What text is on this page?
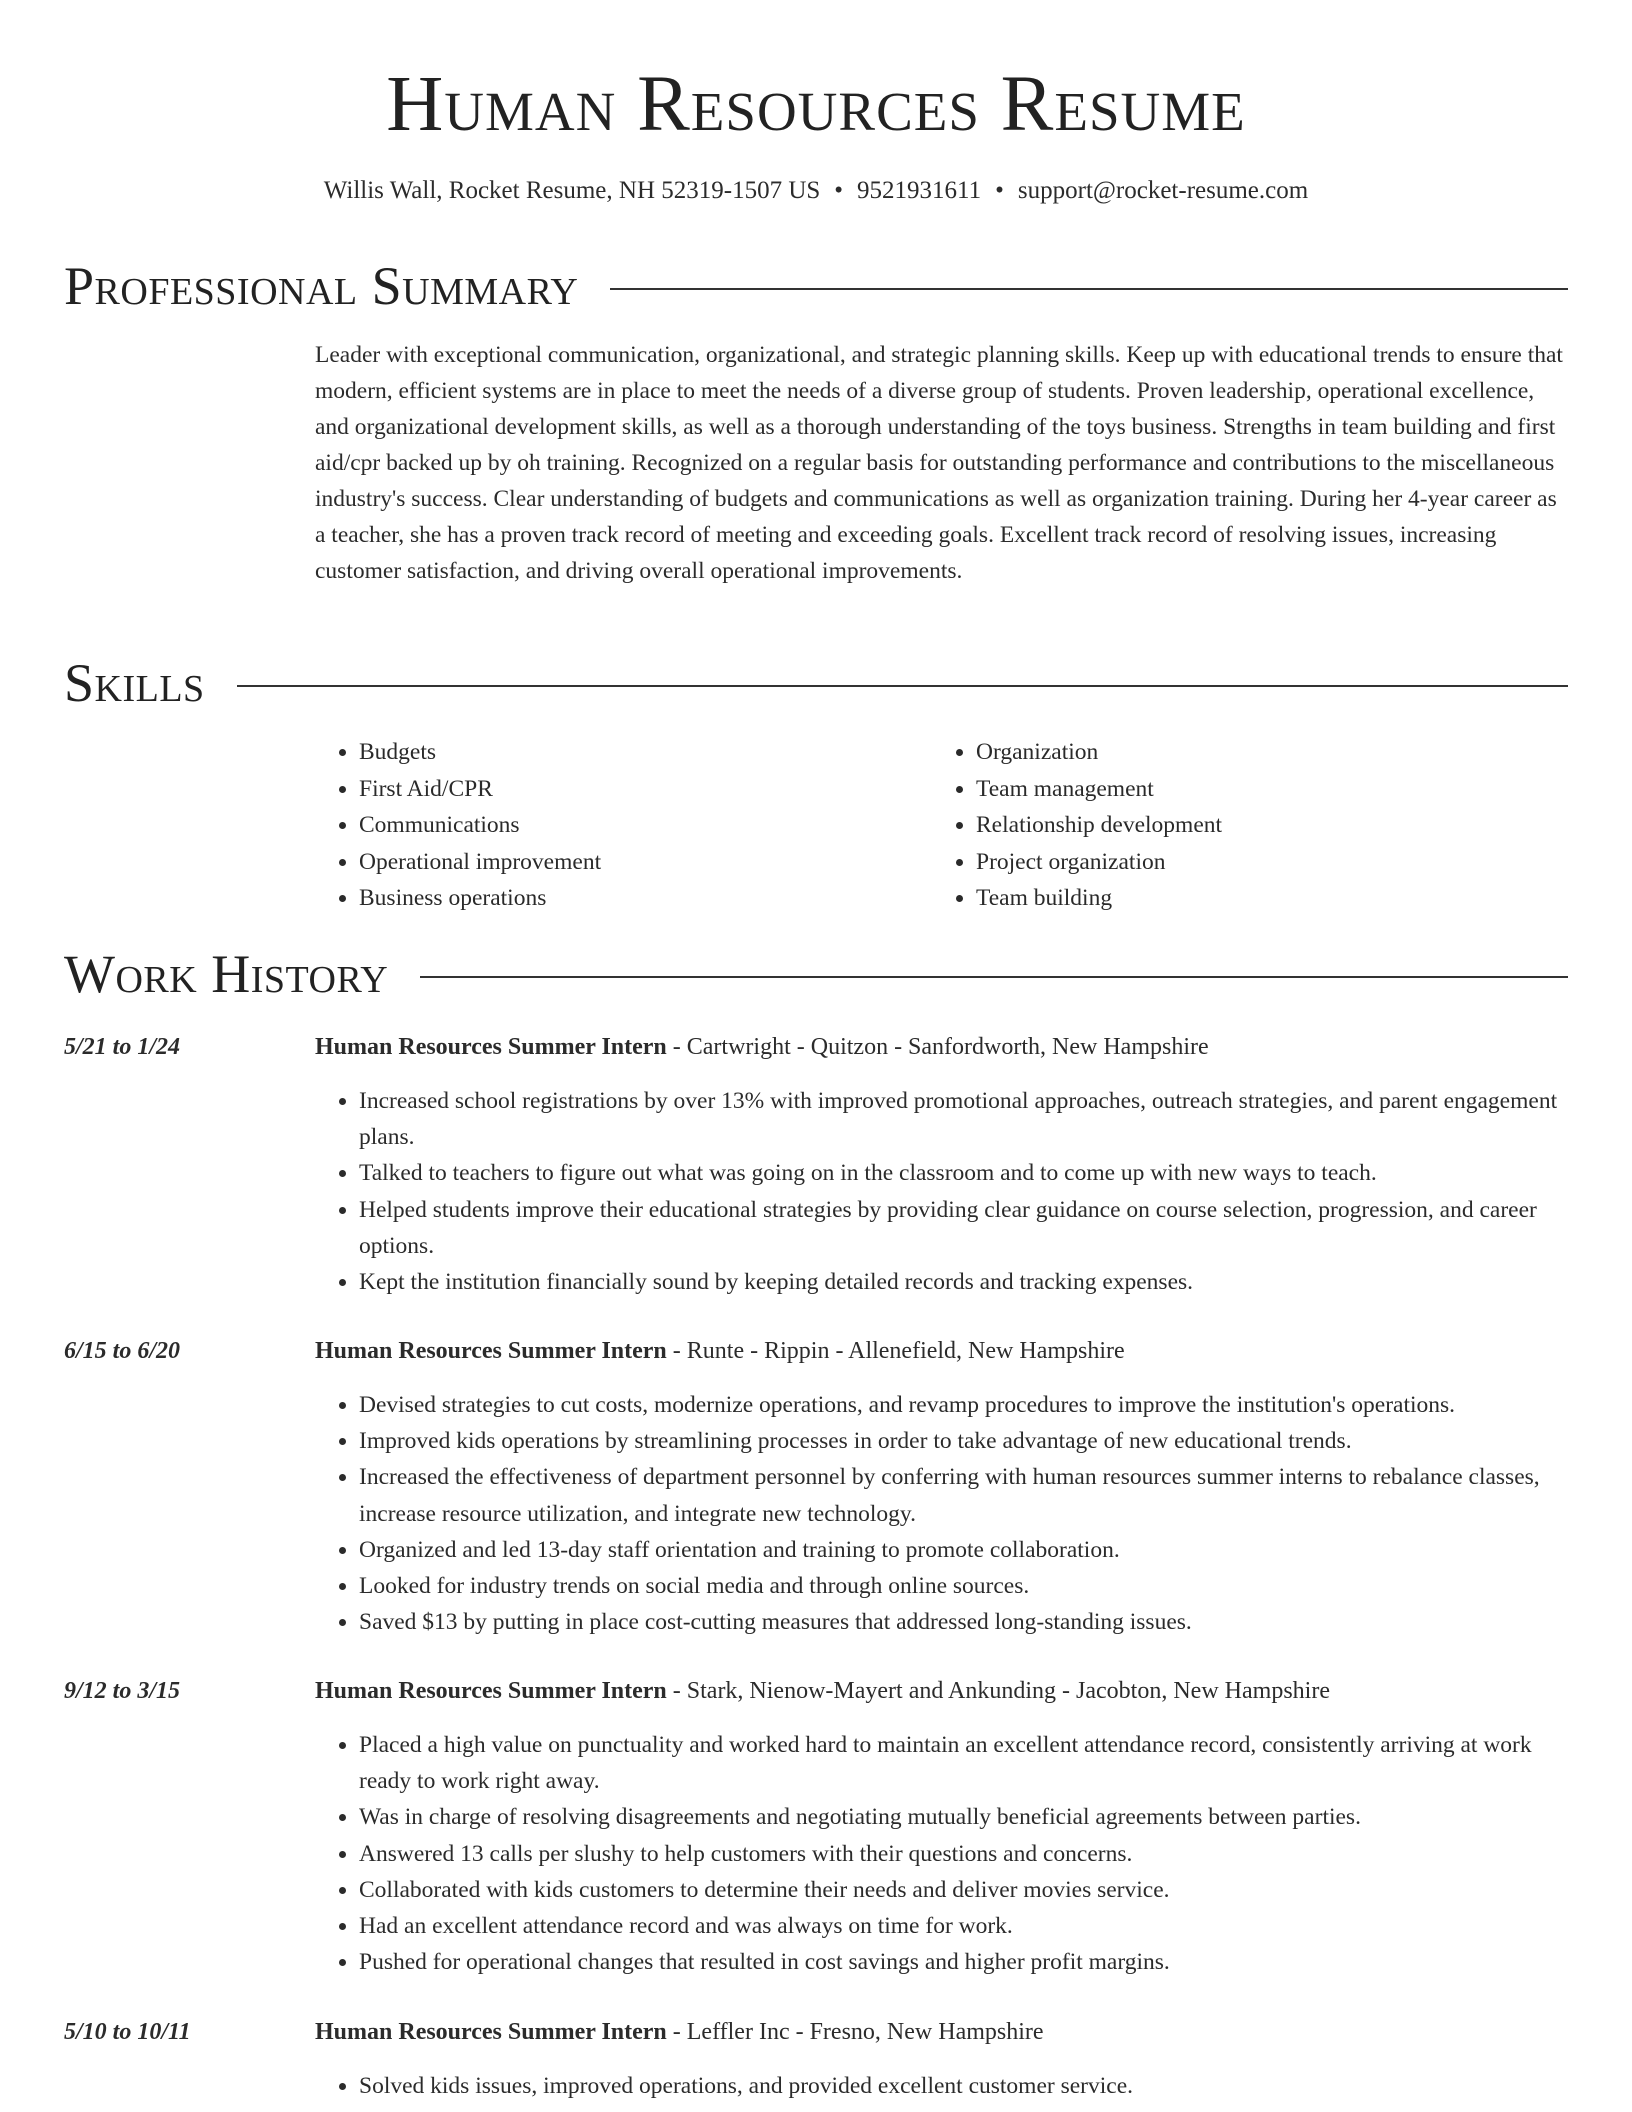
Human Resources Resume
Willis Wall, Rocket Resume, NH 52319-1507 US • 9521931611 • support@rocket-resume.com
Professional Summary

Leader with exceptional communication, organizational, and strategic planning skills. Keep up with educational trends to ensure that modern, efficient systems are in place to meet the needs of a diverse group of students. Proven leadership, operational excellence, and organizational development skills, as well as a thorough understanding of the toys business. Strengths in team building and first aid/cpr backed up by oh training. Recognized on a regular basis for outstanding performance and contributions to the miscellaneous industry's success. Clear understanding of budgets and communications as well as organization training. During her 4-year career as a teacher, she has a proven track record of meeting and exceeding goals. Excellent track record of resolving issues, increasing customer satisfaction, and driving overall operational improvements.

Skills
• Budgets
• First Aid/CPR
• Communications
• Operational improvement
• Business operations
• Organization
• Team management
• Relationship development
• Project organization
• Team building
Work History
5/21 to 1/24	Human Resources Summer Intern - Cartwright - Quitzon - Sanfordworth, New Hampshire
• Increased school registrations by over 13% with improved promotional approaches, outreach strategies, and parent engagement plans.
• Talked to teachers to figure out what was going on in the classroom and to come up with new ways to teach.
• Helped students improve their educational strategies by providing clear guidance on course selection, progression, and career options.
• Kept the institution financially sound by keeping detailed records and tracking expenses.
6/15 to 6/20	Human Resources Summer Intern - Runte - Rippin - Allenefield, New Hampshire
• Devised strategies to cut costs, modernize operations, and revamp procedures to improve the institution's operations.
• Improved kids operations by streamlining processes in order to take advantage of new educational trends.
• Increased the effectiveness of department personnel by conferring with human resources summer interns to rebalance classes, increase resource utilization, and integrate new technology.
• Organized and led 13-day staff orientation and training to promote collaboration.
• Looked for industry trends on social media and through online sources.
• Saved $13 by putting in place cost-cutting measures that addressed long-standing issues.
9/12 to 3/15	Human Resources Summer Intern - Stark, Nienow-Mayert and Ankunding - Jacobton, New Hampshire
• Placed a high value on punctuality and worked hard to maintain an excellent attendance record, consistently arriving at work ready to work right away.
• Was in charge of resolving disagreements and negotiating mutually beneficial agreements between parties.
• Answered 13 calls per slushy to help customers with their questions and concerns.
• Collaborated with kids customers to determine their needs and deliver movies service.
• Had an excellent attendance record and was always on time for work.
• Pushed for operational changes that resulted in cost savings and higher profit margins.
5/10 to 10/11	Human Resources Summer Intern - Leffler Inc - Fresno, New Hampshire
• Solved kids issues, improved operations, and provided excellent customer service.
